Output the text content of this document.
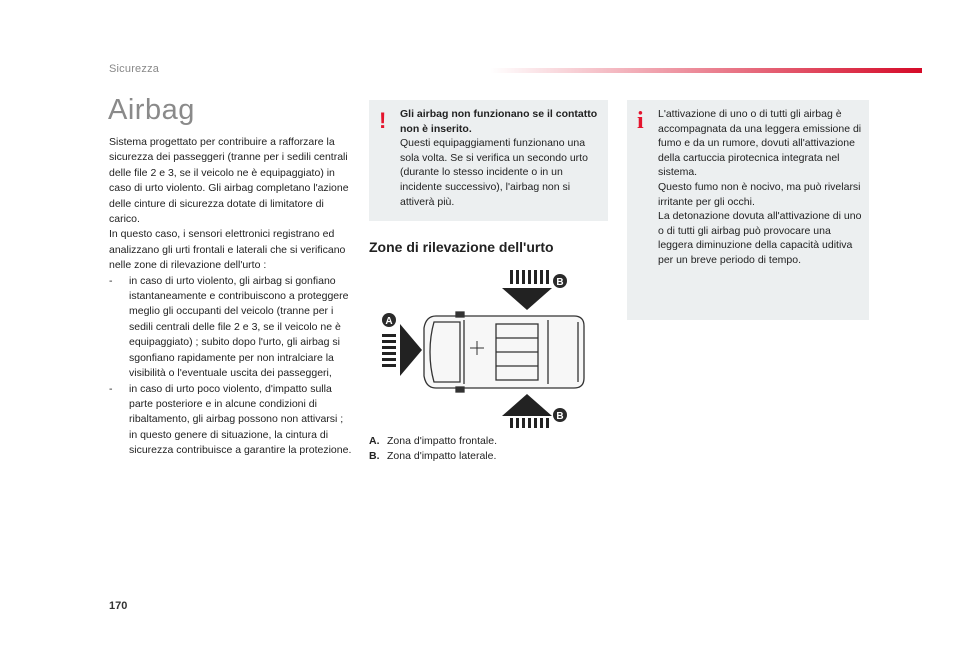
Sicurezza
Airbag

Sistema progettato per contribuire a rafforzare la sicurezza dei passeggeri (tranne per i sedili centrali delle file 2 e 3, se il veicolo ne è equipaggiato) in caso di urto violento. Gli airbag completano l'azione delle cinture di sicurezza dotate di limitatore di carico.

In questo caso, i sensori elettronici registrano ed analizzano gli urti frontali e laterali che si verificano nelle zone di rilevazione dell'urto :

- in caso di urto violento, gli airbag si gonfiano istantaneamente e contribuiscono a proteggere meglio gli occupanti del veicolo (tranne per i sedili centrali delle file 2 e 3, se il veicolo ne è equipaggiato) ; subito dopo l'urto, gli airbag si sgonfiano rapidamente per non intralciare la visibilità o l'eventuale uscita dei passeggeri,
- in caso di urto poco violento, d'impatto sulla parte posteriore e in alcune condizioni di ribaltamento, gli airbag possono non attivarsi ; in questo genere di situazione, la cintura di sicurezza contribuisce a garantire la protezione.
! Gli airbag non funzionano se il contatto non è inserito.
Questi equipaggiamenti funzionano una sola volta. Se si verifica un secondo urto (durante lo stesso incidente o in un incidente successivo), l'airbag non si attiverà più.
i L'attivazione di uno o di tutti gli airbag è accompagnata da una leggera emissione di fumo e da un rumore, dovuti all'attivazione della cartuccia pirotecnica integrata nel sistema.
Questo fumo non è nocivo, ma può rivelarsi irritante per gli occhi.
La detonazione dovuta all'attivazione di uno o di tutti gli airbag può provocare una leggera diminuzione della capacità uditiva per un breve periodo di tempo.
Zone di rilevazione dell'urto
B
A
B
A. Zona d'impatto frontale.
B. Zona d'impatto laterale.
170
